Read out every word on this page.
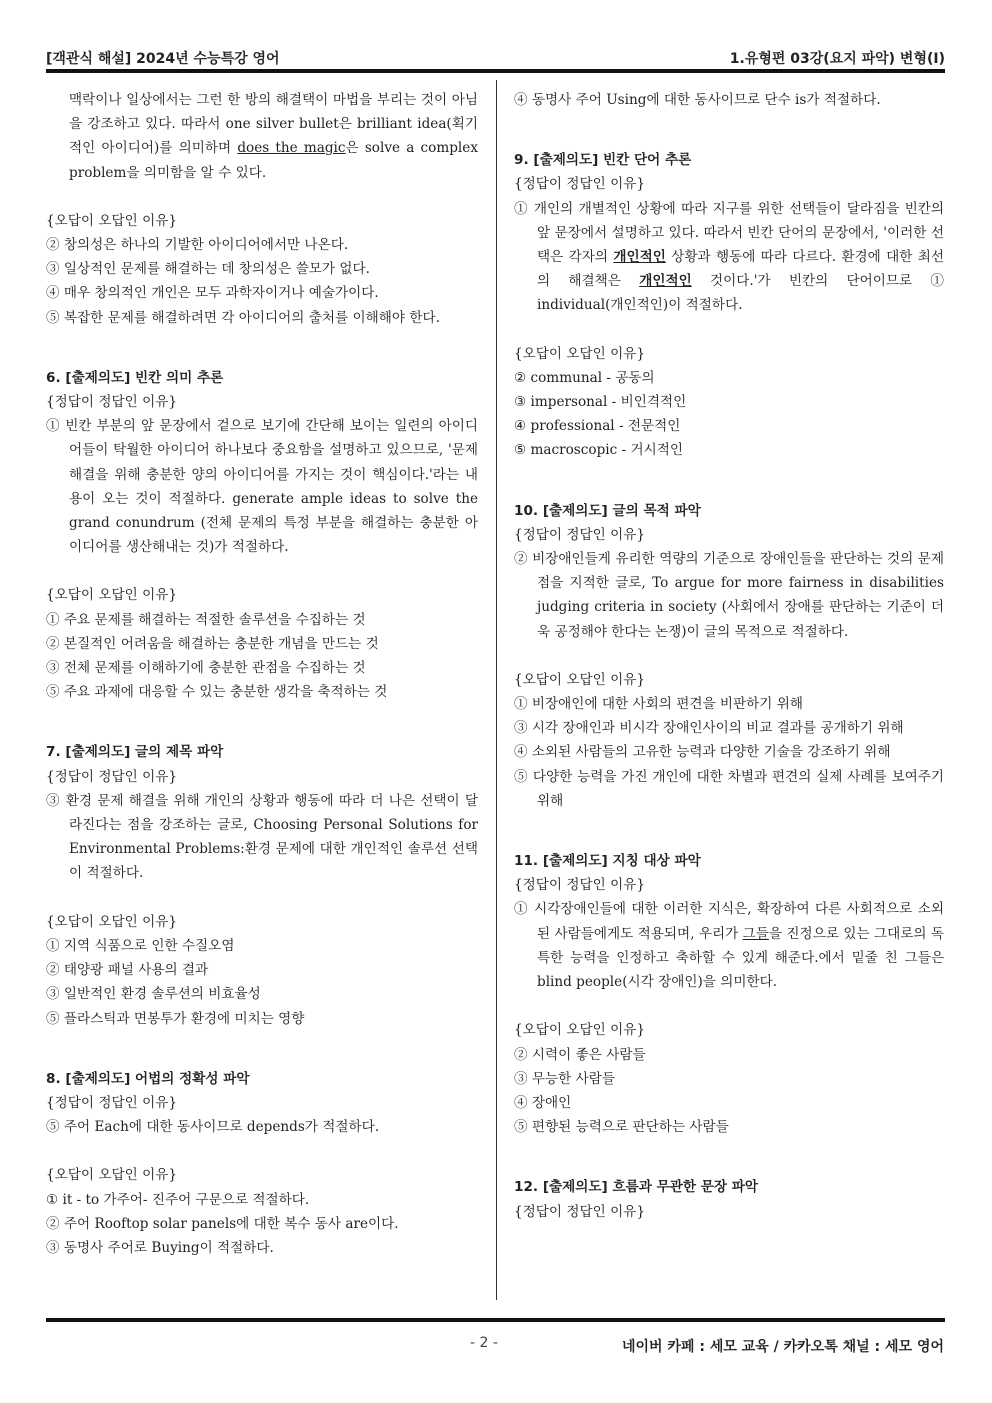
[객관식 해설] 2024년 수능특강 영어	1.유형편 03강(요지 파악) 변형(I)

맥락이나 일상에서는 그런 한 방의 해결택이 마법을 부리는 것이 아님을 강조하고 있다. 따라서 one silver bullet은 brilliant idea(획기적인 아이디어)를 의미하며 does the magic은 solve a complex problem을 의미함을 알 수 있다.

{오답이 오답인 이유}

② 창의성은 하나의 기발한 아이디어에서만 나온다.

③ 일상적인 문제를 해결하는 데 창의성은 쓸모가 없다.

④ 매우 창의적인 개인은 모두 과학자이거나 예술가이다.

⑤ 복잡한 문제를 해결하려면 각 아이디어의 출처를 이해해야 한다.

6. [출제의도] 빈칸 의미 추론

{정답이 정답인 이유}

① 빈칸 부분의 앞 문장에서 겉으로 보기에 간단해 보이는 일련의 아이디어들이 탁월한 아이디어 하나보다 중요함을 설명하고 있으므로, '문제 해결을 위해 충분한 양의 아이디어를 가지는 것이 핵심이다.'라는 내용이 오는 것이 적절하다. generate ample ideas to solve the grand conundrum (전체 문제의 특정 부분을 해결하는 충분한 아이디어를 생산해내는 것)가 적절하다.

{오답이 오답인 이유}

① 주요 문제를 해결하는 적절한 솔루션을 수집하는 것

② 본질적인 어려움을 해결하는 충분한 개념을 만드는 것

③ 전체 문제를 이해하기에 충분한 관점을 수집하는 것

⑤ 주요 과제에 대응할 수 있는 충분한 생각을 축적하는 것

7. [출제의도] 글의 제목 파악

{정답이 정답인 이유}

③ 환경 문제 해결을 위해 개인의 상황과 행동에 따라 더 나은 선택이 달라진다는 점을 강조하는 글로, Choosing Personal Solutions for Environmental Problems:환경 문제에 대한 개인적인 솔루션 선택이 적절하다.

{오답이 오답인 이유}

① 지역 식품으로 인한 수질오염

② 태양광 패널 사용의 결과

③ 일반적인 환경 솔루션의 비효율성

⑤ 플라스틱과 면봉투가 환경에 미치는 영향

8. [출제의도] 어법의 정확성 파악

{정답이 정답인 이유}

⑤ 주어 Each에 대한 동사이므로 depends가 적절하다.

{오답이 오답인 이유}

① it - to 가주어- 진주어 구문으로 적절하다.

② 주어 Rooftop solar panels에 대한 복수 동사 are이다.

③ 동명사 주어로 Buying이 적절하다.

④ 동명사 주어 Using에 대한 동사이므로 단수 is가 적절하다.

9. [출제의도] 빈칸 단어 추론

{정답이 정답인 이유}

① 개인의 개별적인 상황에 따라 지구를 위한 선택들이 달라짐을 빈칸의 앞 문장에서 설명하고 있다. 따라서 빈칸 단어의 문장에서, '이러한 선택은 각자의 개인적인 상황과 행동에 따라 다르다. 환경에 대한 최선의 해결책은 개인적인 것이다.'가 빈칸의 단어이므로 ① individual(개인적인)이 적절하다.

{오답이 오답인 이유}

② communal - 공동의

③ impersonal - 비인격적인

④ professional - 전문적인

⑤ macroscopic - 거시적인

10. [출제의도] 글의 목적 파악

{정답이 정답인 이유}

② 비장애인들게 유리한 역량의 기준으로 장애인들을 판단하는 것의 문제점을 지적한 글로, To argue for more fairness in disabilities judging criteria in society (사회에서 장애를 판단하는 기준이 더욱 공정해야 한다는 논쟁)이 글의 목적으로 적절하다.

{오답이 오답인 이유}

① 비장애인에 대한 사회의 편견을 비판하기 위해

③ 시각 장애인과 비시각 장애인사이의 비교 결과를 공개하기 위해

④ 소외된 사람들의 고유한 능력과 다양한 기술을 강조하기 위해

⑤ 다양한 능력을 가진 개인에 대한 차별과 편견의 실제 사례를 보여주기 위해

11. [출제의도] 지칭 대상 파악

{정답이 정답인 이유}

① 시각장애인들에 대한 이러한 지식은, 확장하여 다른 사회적으로 소외된 사람들에게도 적용되며, 우리가 그들을 진정으로 있는 그대로의 독특한 능력을 인정하고 축하할 수 있게 해준다.에서 밑줄 친 그들은 blind people(시각 장애인)을 의미한다.

{오답이 오답인 이유}

② 시력이 좋은 사람들

③ 무능한 사람들

④ 장애인

⑤ 편향된 능력으로 판단하는 사람들

12. [출제의도] 흐름과 무관한 문장 파악

{정답이 정답인 이유}

- 2 -	네이버 카페 : 세모 교육 / 카카오톡 채널 : 세모 영어
